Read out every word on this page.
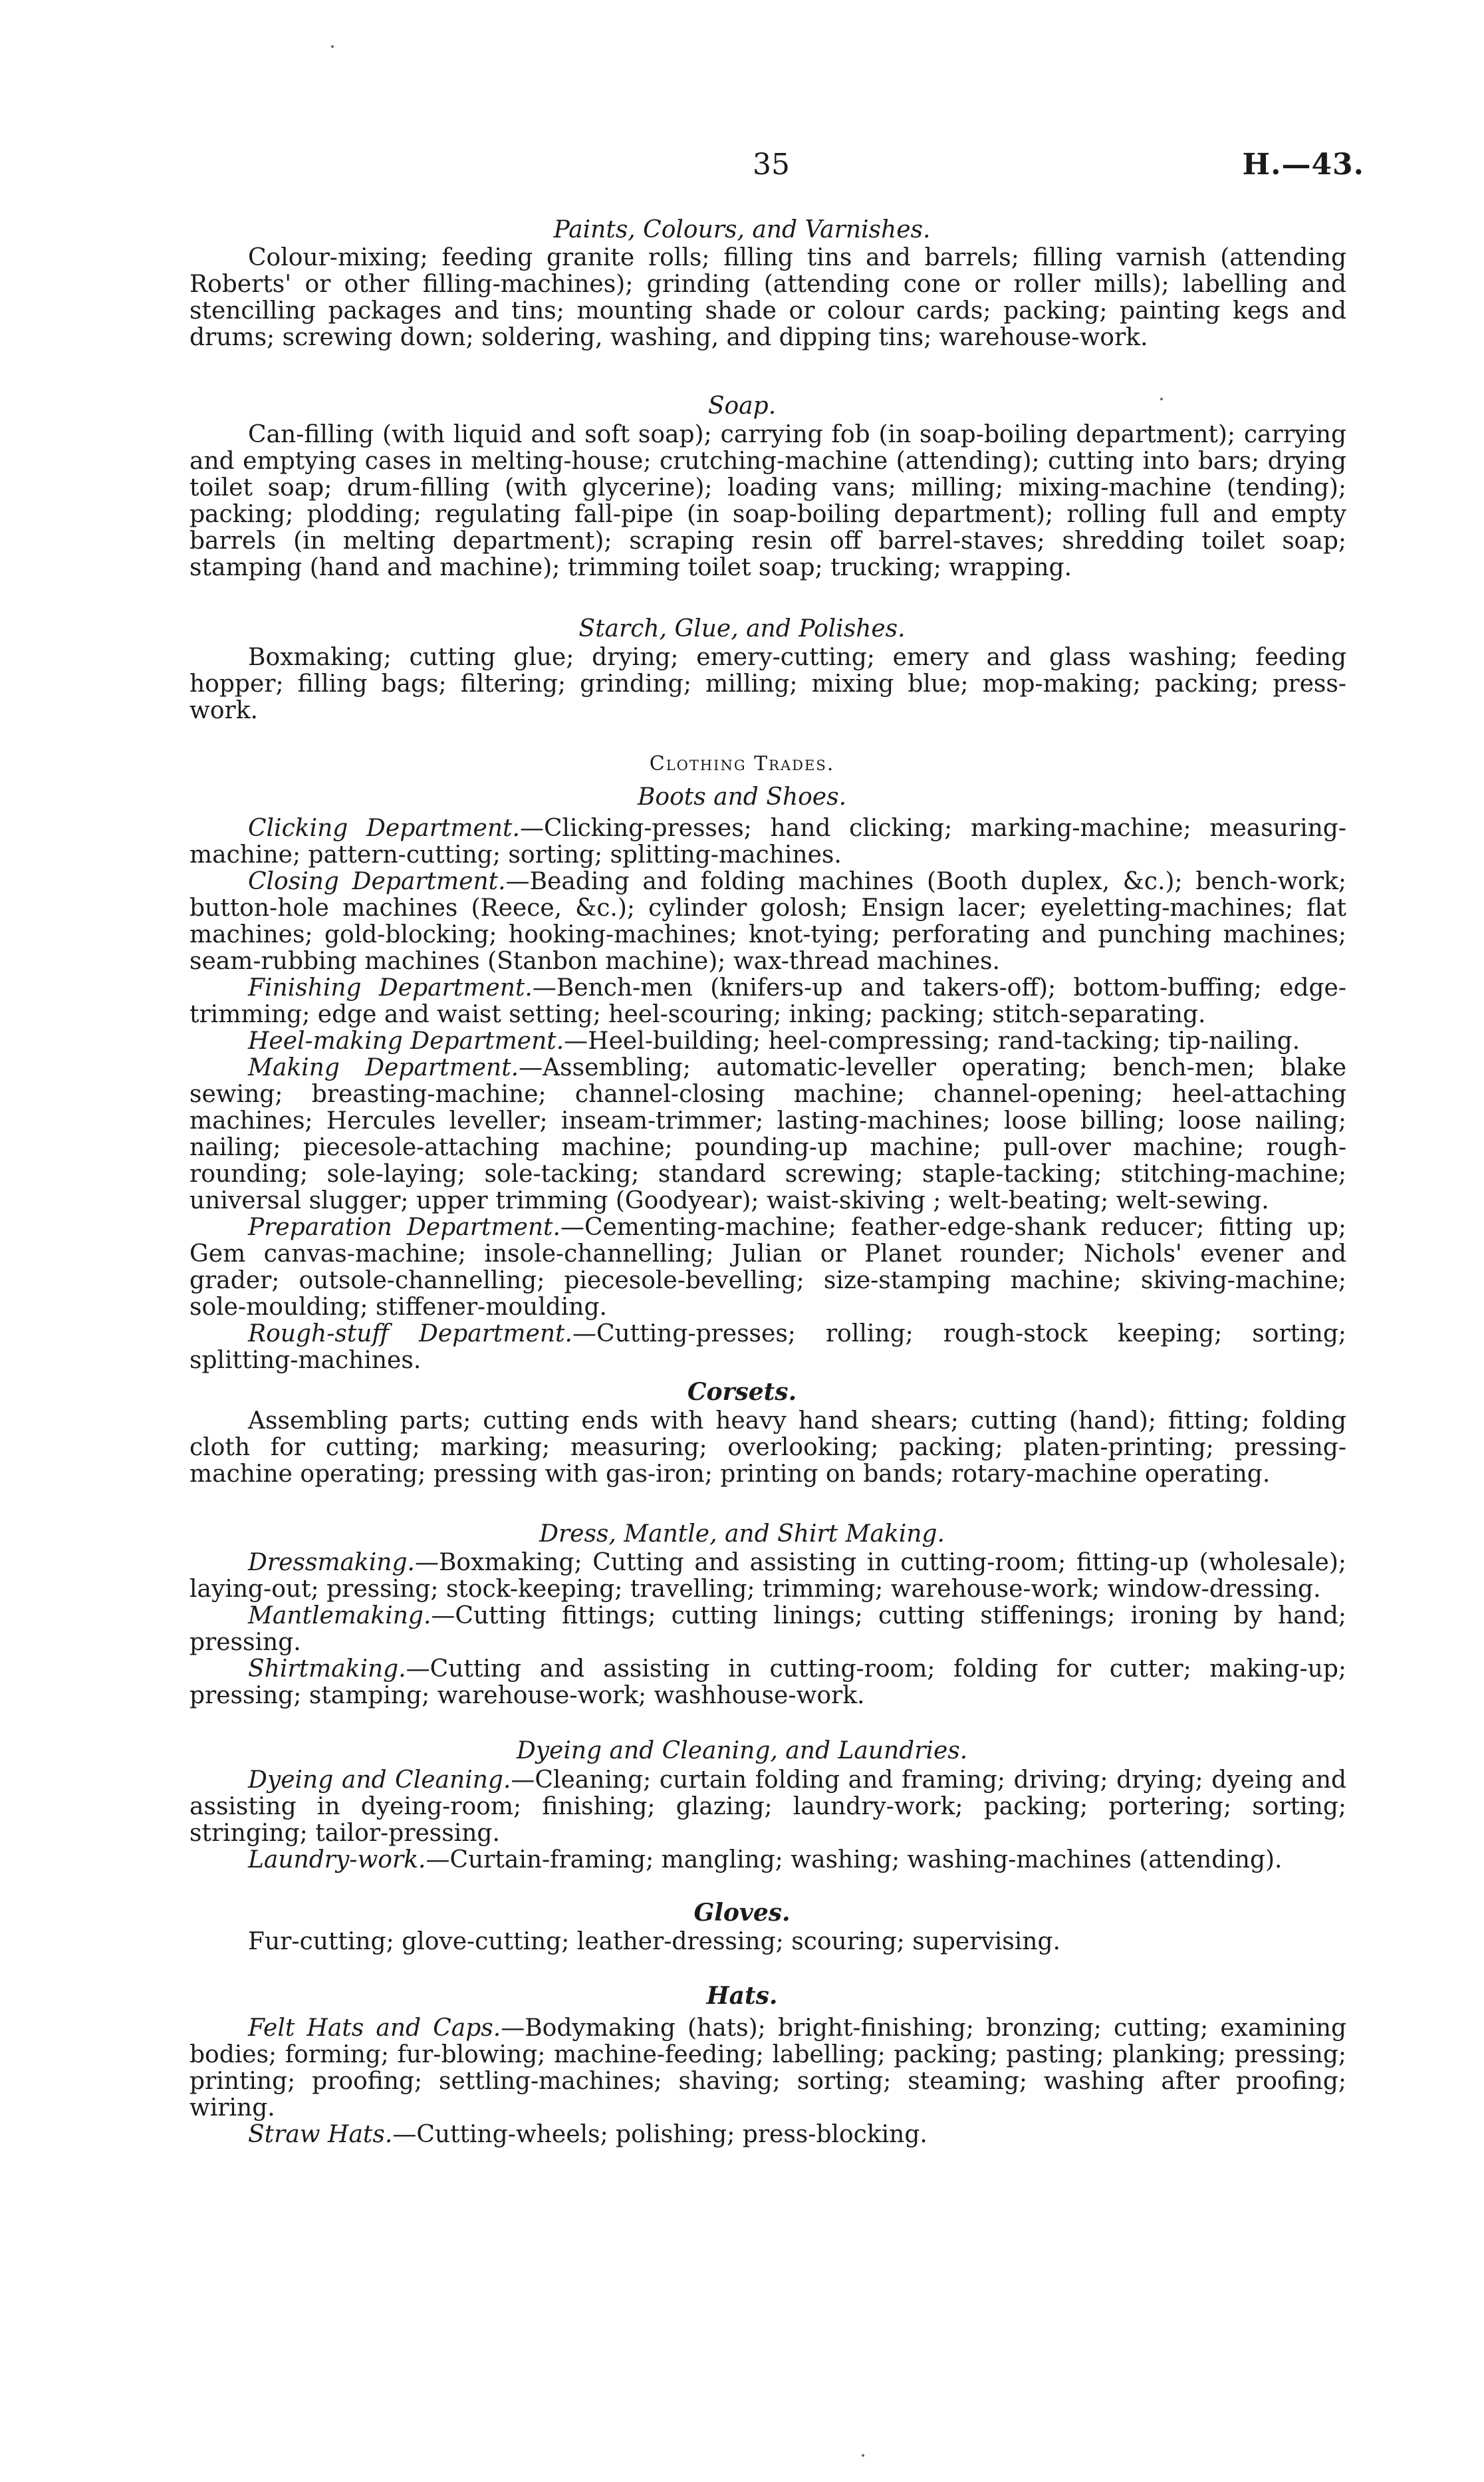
35	H.—43.
Paints, Colours, and Varnishes.

Colour-mixing; feeding granite rolls; filling tins and barrels; filling varnish (attending Roberts' or other filling-machines); grinding (attending cone or roller mills); labelling and stencilling packages and tins; mounting shade or colour cards; packing; painting kegs and drums; screwing down; soldering, washing, and dipping tins; warehouse-work.

Soap.

Can-filling (with liquid and soft soap); carrying fob (in soap-boiling department); carrying and emptying cases in melting-house; crutching-machine (attending); cutting into bars; drying toilet soap; drum-filling (with glycerine); loading vans; milling; mixing-machine (tending); packing; plodding; regulating fall-pipe (in soap-boiling department); rolling full and empty barrels (in melting department); scraping resin off barrel-staves; shredding toilet soap; stamping (hand and machine); trimming toilet soap; trucking; wrapping.

Starch, Glue, and Polishes.

Boxmaking; cutting glue; drying; emery-cutting; emery and glass washing; feeding hopper; filling bags; filtering; grinding; milling; mixing blue; mop-making; packing; press-work.

Clothing Trades.
Boots and Shoes.

Clicking Department.—Clicking-presses; hand clicking; marking-machine; measuring-machine; pattern-cutting; sorting; splitting-machines.

Closing Department.—Beading and folding machines (Booth duplex, &c.); bench-work; button-hole machines (Reece, &c.); cylinder golosh; Ensign lacer; eyeletting-machines; flat machines; gold-blocking; hooking-machines; knot-tying; perforating and punching machines; seam-rubbing machines (Stanbon machine); wax-thread machines.

Finishing Department.—Bench-men (knifers-up and takers-off); bottom-buffing; edge-trimming; edge and waist setting; heel-scouring; inking; packing; stitch-separating.

Heel-making Department.—Heel-building; heel-compressing; rand-tacking; tip-nailing.

Making Department.—Assembling; automatic-leveller operating; bench-men; blake sewing; breasting-machine; channel-closing machine; channel-opening; heel-attaching machines; Hercules leveller; inseam-trimmer; lasting-machines; loose billing; loose nailing; nailing; piecesole-attaching machine; pounding-up machine; pull-over machine; rough-rounding; sole-laying; sole-tacking; standard screwing; staple-tacking; stitching-machine; universal slugger; upper trimming (Goodyear); waist-skiving ; welt-beating; welt-sewing.

Preparation Department.—Cementing-machine; feather-edge-shank reducer; fitting up; Gem canvas-machine; insole-channelling; Julian or Planet rounder; Nichols' evener and grader; outsole-channelling; piecesole-bevelling; size-stamping machine; skiving-machine; sole-moulding; stiffener-moulding.

Rough-stuff Department.—Cutting-presses; rolling; rough-stock keeping; sorting; splitting-machines.

Corsets.

Assembling parts; cutting ends with heavy hand shears; cutting (hand); fitting; folding cloth for cutting; marking; measuring; overlooking; packing; platen-printing; pressing-machine operating; pressing with gas-iron; printing on bands; rotary-machine operating.

Dress, Mantle, and Shirt Making.

Dressmaking.—Boxmaking; Cutting and assisting in cutting-room; fitting-up (wholesale); laying-out; pressing; stock-keeping; travelling; trimming; warehouse-work; window-dressing.

Mantlemaking.—Cutting fittings; cutting linings; cutting stiffenings; ironing by hand; pressing.

Shirtmaking.—Cutting and assisting in cutting-room; folding for cutter; making-up; pressing; stamping; warehouse-work; washhouse-work.

Dyeing and Cleaning, and Laundries.

Dyeing and Cleaning.—Cleaning; curtain folding and framing; driving; drying; dyeing and assisting in dyeing-room; finishing; glazing; laundry-work; packing; portering; sorting; stringing; tailor-pressing.

Laundry-work.—Curtain-framing; mangling; washing; washing-machines (attending).

Gloves.

Fur-cutting; glove-cutting; leather-dressing; scouring; supervising.

Hats.

Felt Hats and Caps.—Bodymaking (hats); bright-finishing; bronzing; cutting; examining bodies; forming; fur-blowing; machine-feeding; labelling; packing; pasting; planking; pressing; printing; proofing; settling-machines; shaving; sorting; steaming; washing after proofing; wiring.

Straw Hats.—Cutting-wheels; polishing; press-blocking.
